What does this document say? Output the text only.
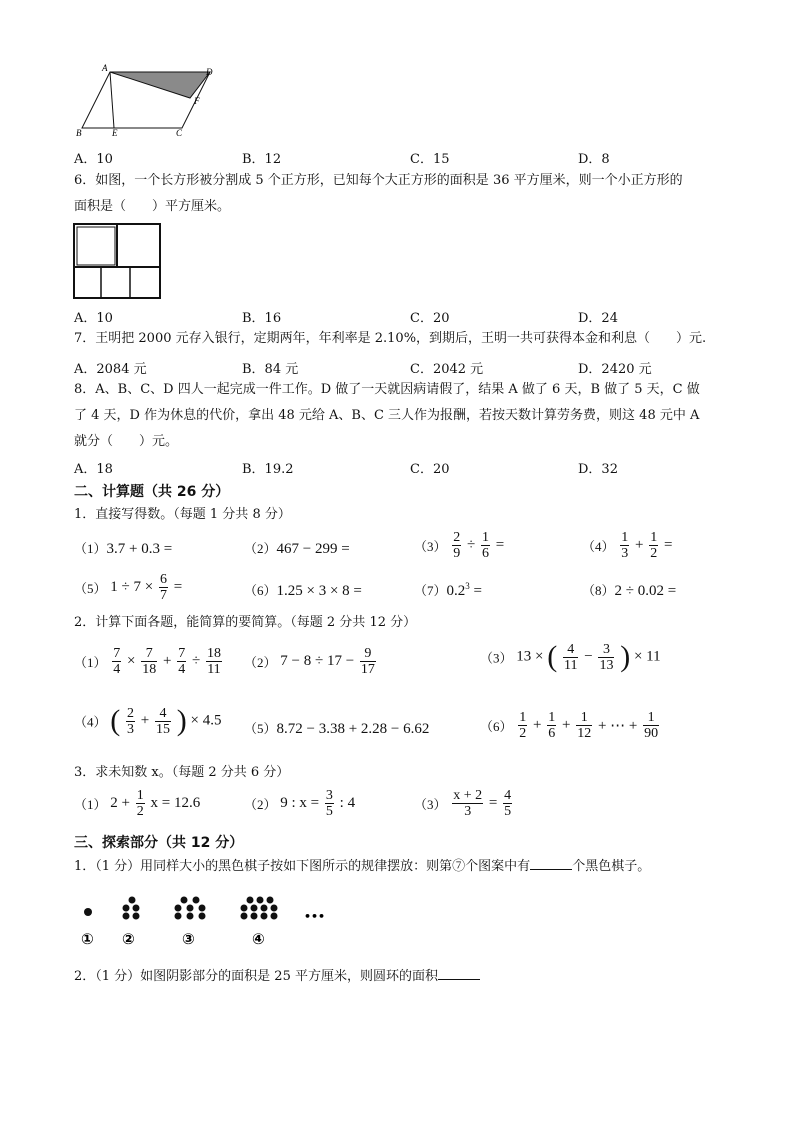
A	D
F
B	E	C
A．10	B．12	C．15	D．8
6．如图，一个长方形被分割成 5 个正方形，已知每个大正方形的面积是 36 平方厘米，则一个小正方形的
面积是（　　）平方厘米。
A．10	B．16	C．20	D．24
7．王明把 2000 元存入银行，定期两年，年利率是 2.10%，到期后，王明一共可获得本金和利息（　　）元.
A．2084 元	B．84 元	C．2042 元	D．2420 元
8．A、B、C、D 四人一起完成一件工作。D 做了一天就因病请假了，结果 A 做了 6 天，B 做了 5 天，C 做
了 4 天，D 作为休息的代价，拿出 48 元给 A、B、C 三人作为报酬，若按天数计算劳务费，则这 48 元中 A
就分（　　）元。
A．18	B．19.2	C．20	D．32
二、计算题（共 26 分）
1．直接写得数。（每题 1 分共 8 分）
（1）3.7 + 0.3 =	（2）467 − 299 =	$(3) \frac{2}{9} \div \frac{1}{6}$ =	$(4) \frac{1}{3} + \frac{1}{2}$ =
（5） $1 \div 7 \times \frac{6}{7}$ =	（6）1.25 × 3 × 8 =	$(7)0.2^3$ =	（8）2 ÷ 0.02 =
2．计算下面各题，能简算的要简算。（每题 2 分共 12 分）
$(1) \frac{7}{4} \times \frac{7}{18} + \frac{7}{4} \div \frac{18}{11} (2) 7 - 8 \div 17 - \frac{9}{17}$	（3） 13 × ( $\frac{4}{11} - \frac{3}{13}$ ) × 11
（4） ( $\frac{2}{3} + \frac{4}{15}$ ) × 4.5 （5）8.72 − 3.38 + 2.28 − 6.62	$(6) \frac{1}{2} + \frac{1}{6} + \frac{1}{12}$ + ⋯ + $\frac{1}{90}$
3．求未知数 x。（每题 2 分共 6 分）
（1） $2 + \frac{1}{2}$ x = 12.6	（2） 9 : $x = \frac{3}{5}$ : 4	$(3) \frac{x + 2}{3} = \frac{4}{5}$
三、探索部分（共 12 分）
1．（1 分）用同样大小的黑色棋子按如下图所示的规律摆放：则第⑦个图案中有	个黑色棋子。
•••
① ②	③	④
2．（1 分）如图阴影部分的面积是 25 平方厘米，则圆环的面积
